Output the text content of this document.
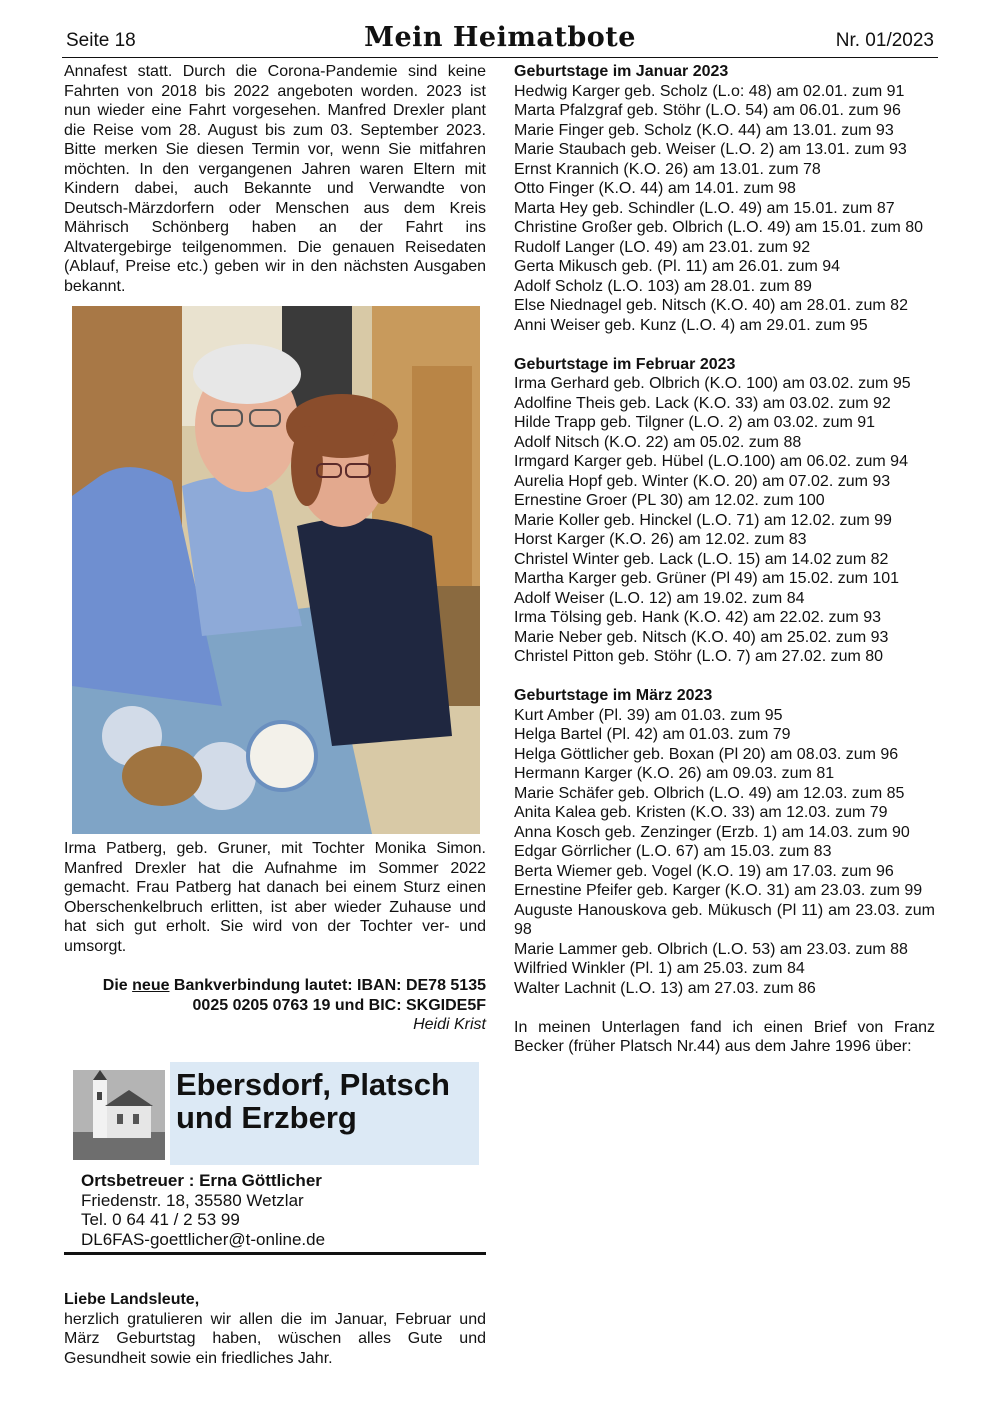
Seite 18	Mein Heimatbote	Nr. 01/2023

Annafest statt. Durch die Corona-Pandemie sind keine Fahrten von 2018 bis 2022 angeboten worden. 2023 ist nun wieder eine Fahrt vorgesehen. Manfred Drexler plant die Reise vom 28. August bis zum 03. September 2023. Bitte merken Sie diesen Termin vor, wenn Sie mitfahren möchten. In den vergangenen Jahren waren Eltern mit Kindern dabei, auch Bekannte und Verwandte von Deutsch-Märzdorfern oder Menschen aus dem Kreis Mährisch Schönberg haben an der Fahrt ins Altvatergebirge teilgenommen. Die genauen Reisedaten (Ablauf, Preise etc.) geben wir in den nächsten Ausgaben bekannt.

Irma Patberg, geb. Gruner, mit Tochter Monika Simon. Manfred Drexler hat die Aufnahme im Sommer 2022 gemacht. Frau Patberg hat danach bei einem Sturz einen Oberschenkelbruch erlitten, ist aber wieder Zuhause und hat sich gut erholt. Sie wird von der Tochter ver- und umsorgt.

Die neue Bankverbindung lautet: IBAN: DE78 5135 0025 0205 0763 19 und BIC: SKGIDE5F
Heidi Krist
Ebersdorf, Platsch
und Erzberg
Ortsbetreuer : Erna Göttlicher
Friedenstr. 18, 35580 Wetzlar
Tel. 0 64 41 / 2 53 99
DL6FAS-goettlicher@t-online.de
Liebe Landsleute,

herzlich gratulieren wir allen die im Januar, Februar und März Geburtstag haben, wüschen alles Gute und Gesundheit sowie ein friedliches Jahr.

Geburtstage im Januar 2023

Hedwig Karger geb. Scholz (L.o: 48) am 02.01. zum 91

Marta Pfalzgraf geb. Stöhr (L.O. 54) am 06.01. zum 96

Marie Finger geb. Scholz (K.O. 44) am 13.01. zum 93

Marie Staubach geb. Weiser (L.O. 2) am 13.01. zum 93

Ernst Krannich (K.O. 26) am 13.01. zum 78

Otto Finger (K.O. 44) am 14.01. zum 98

Marta Hey geb. Schindler (L.O. 49) am 15.01. zum 87

Christine Großer geb. Olbrich (L.O. 49) am 15.01. zum 80

Rudolf Langer (LO. 49) am 23.01. zum 92

Gerta Mikusch geb. (Pl. 11) am 26.01. zum 94

Adolf Scholz (L.O. 103) am 28.01. zum 89

Else Niednagel geb. Nitsch (K.O. 40) am 28.01. zum 82

Anni Weiser geb. Kunz (L.O. 4) am 29.01. zum 95

Geburtstage im Februar 2023

Irma Gerhard geb. Olbrich (K.O. 100) am 03.02. zum 95

Adolfine Theis geb. Lack (K.O. 33) am 03.02. zum 92

Hilde Trapp geb. Tilgner (L.O. 2) am 03.02. zum 91

Adolf Nitsch (K.O. 22) am 05.02. zum 88

Irmgard Karger geb. Hübel (L.O.100) am 06.02. zum 94

Aurelia Hopf geb. Winter (K.O. 20) am 07.02. zum 93

Ernestine Groer (PL 30) am 12.02. zum 100

Marie Koller geb. Hinckel (L.O. 71) am 12.02. zum 99

Horst Karger (K.O. 26) am 12.02. zum 83

Christel Winter geb. Lack (L.O. 15) am 14.02 zum 82

Martha Karger geb. Grüner (Pl 49) am 15.02. zum 101

Adolf Weiser (L.O. 12) am 19.02. zum 84

Irma Tölsing geb. Hank (K.O. 42) am 22.02. zum 93

Marie Neber geb. Nitsch (K.O. 40) am 25.02. zum 93

Christel Pitton geb. Stöhr (L.O. 7) am 27.02. zum 80

Geburtstage im März 2023

Kurt Amber (Pl. 39) am 01.03. zum 95

Helga Bartel (Pl. 42) am 01.03. zum 79

Helga Göttlicher geb. Boxan (Pl 20) am 08.03. zum 96

Hermann Karger (K.O. 26) am 09.03. zum 81

Marie Schäfer geb. Olbrich (L.O. 49) am 12.03. zum 85

Anita Kalea geb. Kristen (K.O. 33) am 12.03. zum 79

Anna Kosch geb. Zenzinger (Erzb. 1) am 14.03. zum 90

Edgar Görrlicher (L.O. 67) am 15.03. zum 83

Berta Wiemer geb. Vogel (K.O. 19) am 17.03. zum 96

Ernestine Pfeifer geb. Karger (K.O. 31) am 23.03. zum 99

Auguste Hanouskova geb. Mükusch (Pl 11) am 23.03. zum 98

Marie Lammer geb. Olbrich (L.O. 53) am 23.03. zum 88

Wilfried Winkler (Pl. 1) am 25.03. zum 84

Walter Lachnit (L.O. 13) am 27.03. zum 86

In meinen Unterlagen fand ich einen Brief von Franz Becker (früher Platsch Nr.44) aus dem Jahre 1996 über:
